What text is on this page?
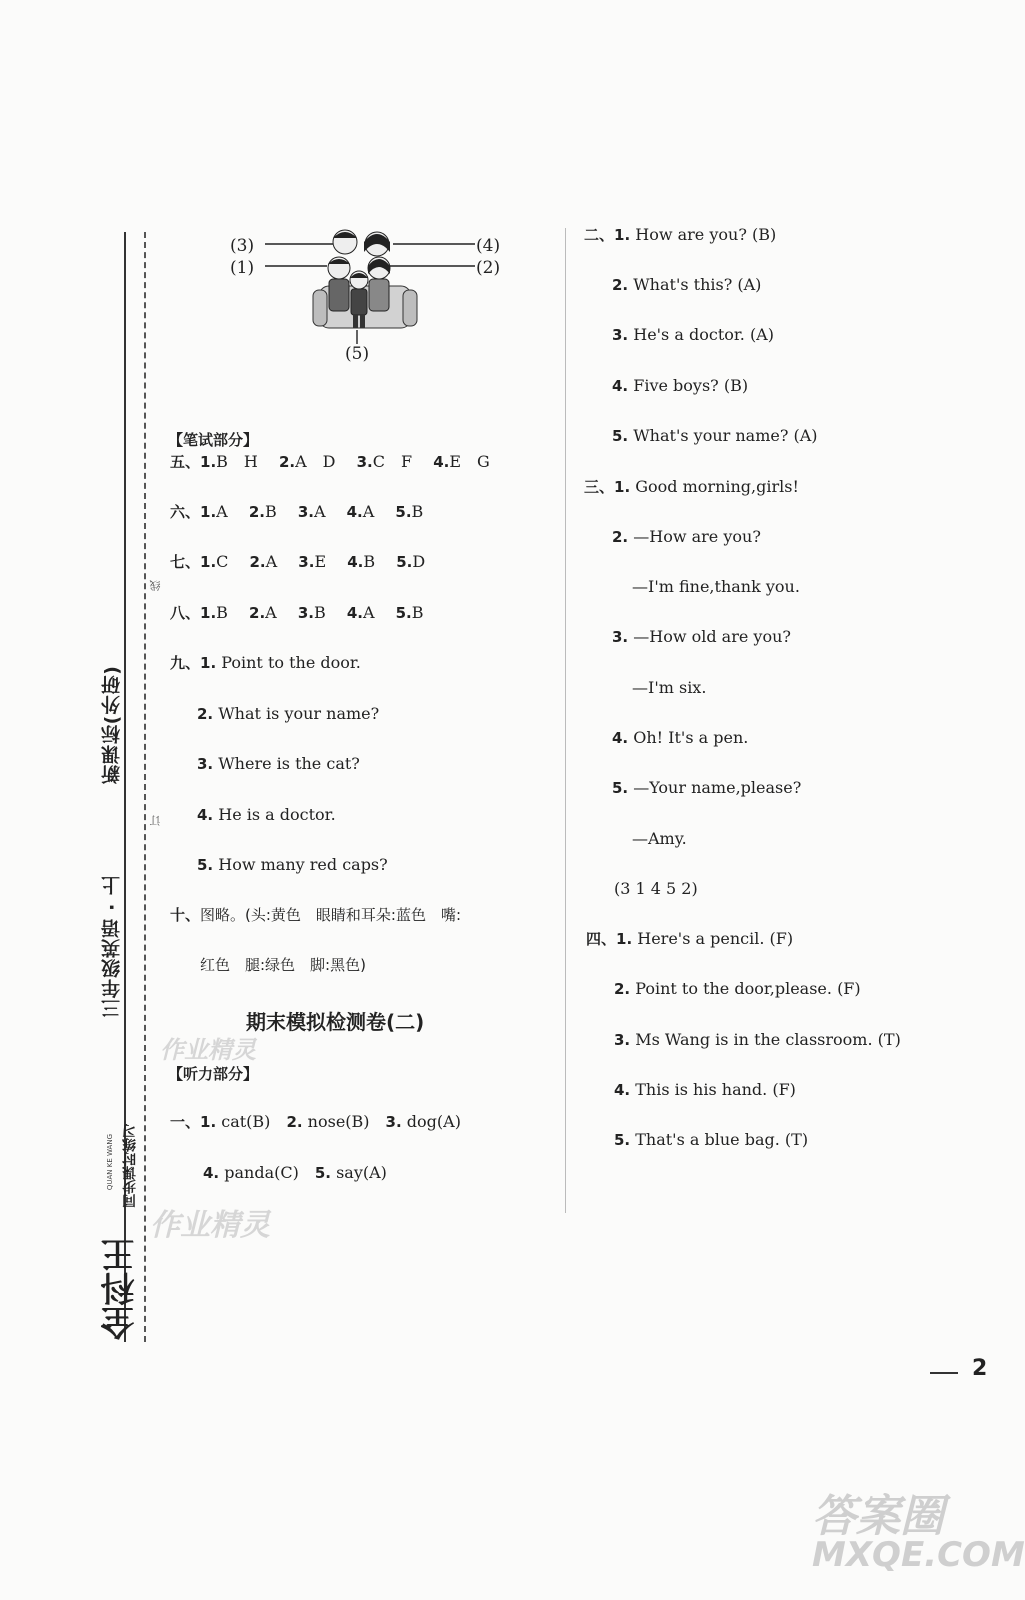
新课标(外研)
三年级英语 · 上
线
订
全科王
同步课时练习
QUAN KE WANG
(3)
(1)
(4)
(2)
(5)
【笔试部分】
五、1.B　H　 2.A　D　 3.C　F　 4.E　G
六、1.A　 2.B　 3.A　 4.A　 5.B
七、1.C　 2.A　 3.E　 4.B　 5.D
八、1.B　 2.A　 3.B　 4.A　 5.B
九、1. Point to the door.
2. What is your name?
3. Where is the cat?
4. He is a doctor.
5. How many red caps?
十、图略。(头:黄色　眼睛和耳朵:蓝色　嘴:
红色　腿:绿色　脚:黑色)
期末模拟检测卷(二)
【听力部分】
一、1. cat(B)　 2. nose(B)　 3. dog(A)
4. panda(C)　 5. say(A)
二、1. How are you? (B)
2. What's this? (A)
3. He's a doctor. (A)
4. Five boys? (B)
5. What's your name? (A)
三、1. Good morning,girls!
2. —How are you?
—I'm fine,thank you.
3. —How old are you?
—I'm six.
4. Oh! It's a pen.
5. —Your name,please?
—Amy.
(3 1 4 5 2)
四、1. Here's a pencil. (F)
2. Point to the door,please. (F)
3. Ms Wang is in the classroom. (T)
4. This is his hand. (F)
5. That's a blue bag. (T)
2
作业精灵
作业精灵
答案圈
MXQE.COM
